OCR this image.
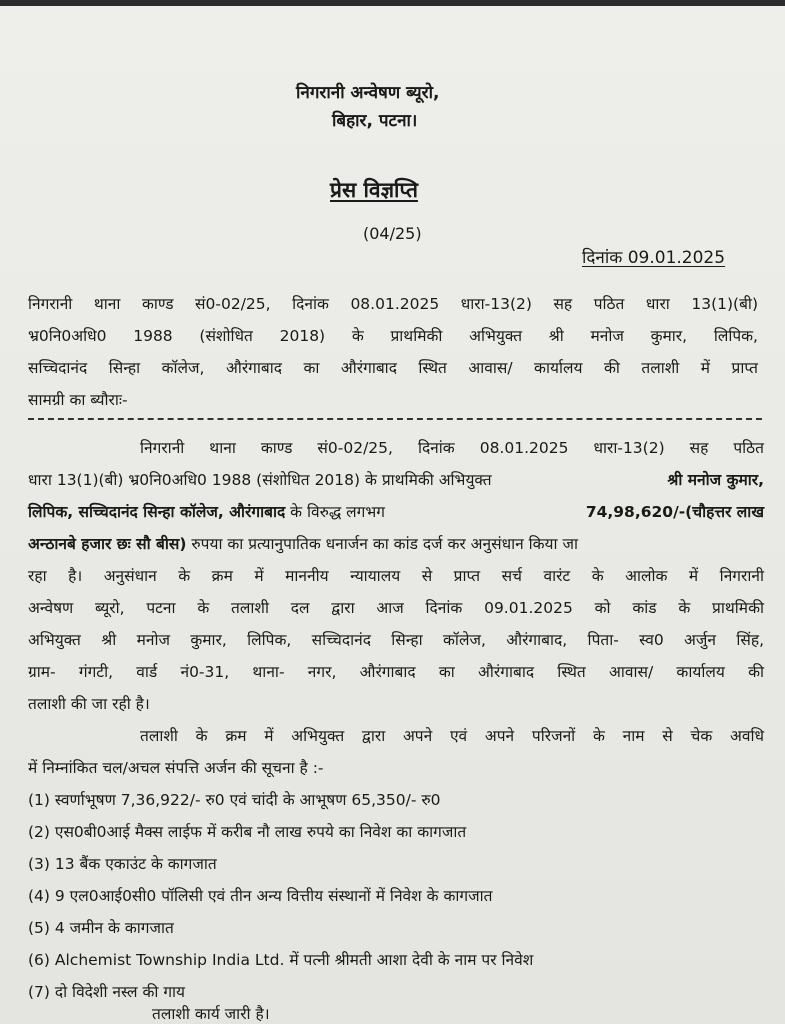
निगरानी अन्वेषण ब्यूरो,
बिहार, पटना।
प्रेस विज्ञप्ति
(04/25)
दिनांक 09.01.2025
निगरानी थाना काण्ड सं0-02/25, दिनांक 08.01.2025 धारा-13(2) सह पठित धारा 13(1)(बी)
भ्र0नि0अधि0 1988 (संशोधित 2018) के प्राथमिकी अभियुक्त श्री मनोज कुमार, लिपिक,
सच्चिदानंद सिन्हा कॉलेज, औरंगाबाद का औरंगाबाद स्थित आवास/ कार्यालय की तलाशी में प्राप्त
सामग्री का ब्यौराः-
निगरानी थाना काण्ड सं0-02/25, दिनांक 08.01.2025 धारा-13(2) सह पठित
धारा 13(1)(बी) भ्र0नि0अधि0 1988 (संशोधित 2018) के प्राथमिकी अभियुक्त	श्री मनोज कुमार,
लिपिक, सच्चिदानंद सिन्हा कॉलेज, औरंगाबाद के विरुद्ध लगभग	74,98,620/-(चौहत्तर लाख
अन्ठानबे हजार छः सौ बीस) रुपया का प्रत्यानुपातिक धनार्जन का कांड दर्ज कर अनुसंधान किया जा
रहा है। अनुसंधान के क्रम में माननीय न्यायालय से प्राप्त सर्च वारंट के आलोक में निगरानी
अन्वेषण ब्यूरो, पटना के तलाशी दल द्वारा आज दिनांक 09.01.2025 को कांड के प्राथमिकी
अभियुक्त श्री मनोज कुमार, लिपिक, सच्चिदानंद सिन्हा कॉलेज, औरंगाबाद, पिता- स्व0 अर्जुन सिंह,
ग्राम- गंगटी, वार्ड नं0-31, थाना- नगर, औरंगाबाद का औरंगाबाद स्थित आवास/ कार्यालय की
तलाशी की जा रही है।
तलाशी के क्रम में अभियुक्त द्वारा अपने एवं अपने परिजनों के नाम से चेक अवधि
में निम्नांकित चल/अचल संपत्ति अर्जन की सूचना है :-
(1) स्वर्णाभूषण 7,36,922/- रु0 एवं चांदी के आभूषण 65,350/- रु0
(2) एस0बी0आई मैक्स लाईफ में करीब नौ लाख रुपये का निवेश का कागजात
(3) 13 बैंक एकाउंट के कागजात
(4) 9 एल0आई0सी0 पॉलिसी एवं तीन अन्य वित्तीय संस्थानों में निवेश के कागजात
(5) 4 जमीन के कागजात
(6) Alchemist Township India Ltd. में पत्नी श्रीमती आशा देवी के नाम पर निवेश
(7) दो विदेशी नस्ल की गाय
तलाशी कार्य जारी है।
